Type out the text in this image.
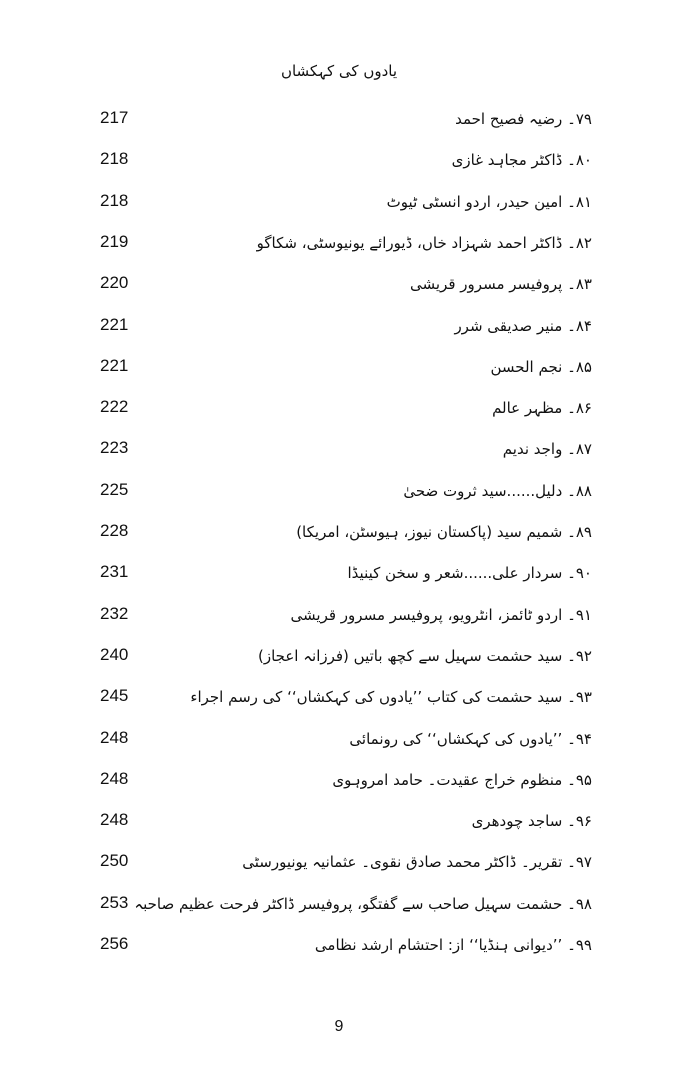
یادوں کی کہکشاں
۷۹۔ رضیہ فصیح احمد
217
۸۰۔ ڈاکٹر مجاہد غازی
218
۸۱۔ امین حیدر، اردو انسٹی ٹیوٹ
218
۸۲۔ ڈاکٹر احمد شہزاد خاں، ڈیورائے یونیوسٹی، شکاگو
219
۸۳۔ پروفیسر مسرور قریشی
220
۸۴۔ منیر صدیقی شرر
221
۸۵۔ نجم الحسن
221
۸۶۔ مظہر عالم
222
۸۷۔ واجد ندیم
223
۸۸۔ دلیل......سید ثروت ضحیٰ
225
۸۹۔ شمیم سید (پاکستان نیوز، ہیوسٹن، امریکا)
228
۹۰۔ سردار علی......شعر و سخن کینیڈا
231
۹۱۔ اردو ٹائمز، انٹرویو، پروفیسر مسرور قریشی
232
۹۲۔ سید حشمت سہیل سے کچھ باتیں (فرزانہ اعجاز)
240
۹۳۔ سید حشمت کی کتاب ’’یادوں کی کہکشاں‘‘ کی رسم اجراء
245
۹۴۔ ’’یادوں کی کہکشاں‘‘ کی رونمائی
248
۹۵۔ منظوم خراج عقیدت۔ حامد امروہوی
248
۹۶۔ ساجد چودھری
248
۹۷۔ تقریر۔ ڈاکٹر محمد صادق نقوی۔ عثمانیہ یونیورسٹی
250
۹۸۔ حشمت سہیل صاحب سے گفتگو، پروفیسر ڈاکٹر فرحت عظیم صاحبہ
253
۹۹۔ ’’دیوانی ہنڈیا‘‘ از: احتشام ارشد نظامی
256
9
